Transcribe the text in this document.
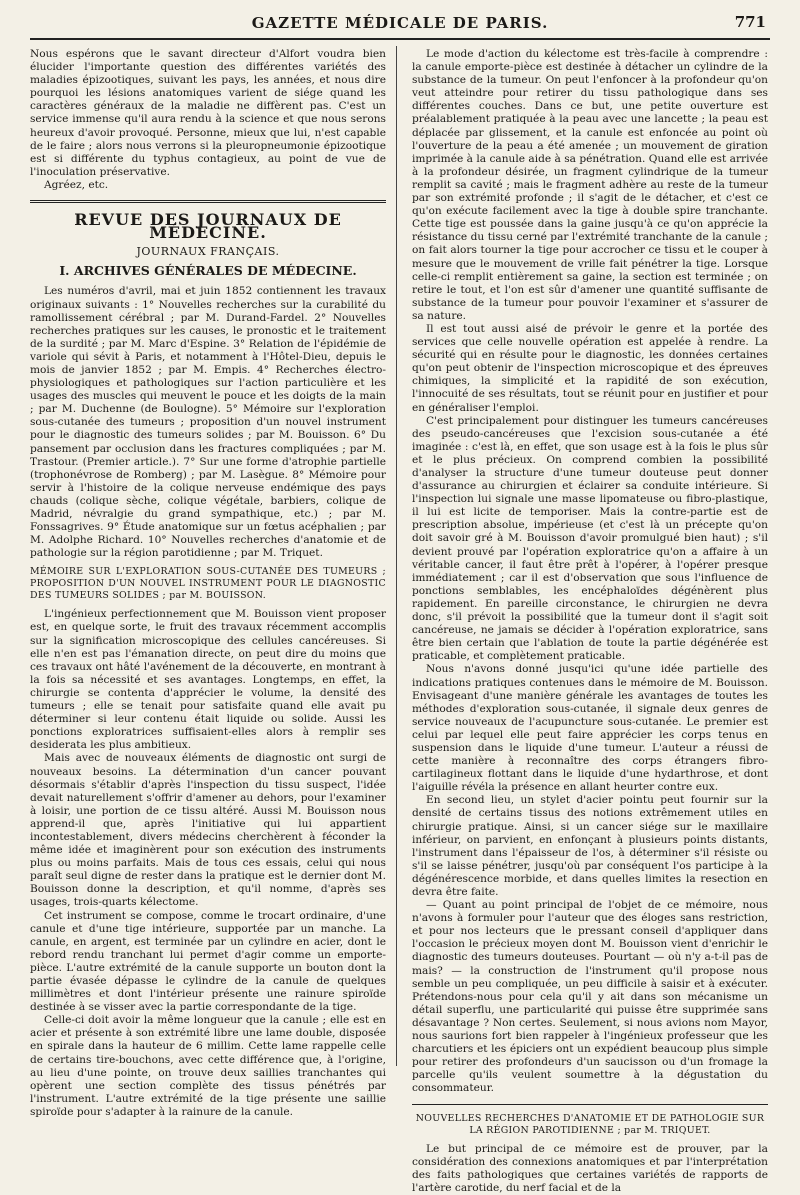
GAZETTE MÉDICALE DE PARIS.	771

Nous espérons que le savant directeur d'Alfort voudra bien élucider l'importante question des différentes variétés des maladies épizootiques, suivant les pays, les années, et nous dire pourquoi les lésions anatomiques varient de siége quand les caractères généraux de la maladie ne diffèrent pas. C'est un service immense qu'il aura rendu à la science et que nous serons heureux d'avoir provoqué. Personne, mieux que lui, n'est capable de le faire ; alors nous verrons si la pleuropneumonie épizootique est si différente du typhus contagieux, au point de vue de l'inoculation préservative.

Agréez, etc.

REVUE DES JOURNAUX DE MÉDECINE.
JOURNAUX FRANÇAIS.
I. ARCHIVES GÉNÉRALES DE MÉDECINE.

Les numéros d'avril, mai et juin 1852 contiennent les travaux originaux suivants : 1° Nouvelles recherches sur la curabilité du ramollissement cérébral ; par M. Durand-Fardel. 2° Nouvelles recherches pratiques sur les causes, le pronostic et le traitement de la surdité ; par M. Marc d'Espine. 3° Relation de l'épidémie de variole qui sévit à Paris, et notamment à l'Hôtel-Dieu, depuis le mois de janvier 1852 ; par M. Empis. 4° Recherches électro-physiologiques et pathologiques sur l'action particulière et les usages des muscles qui meuvent le pouce et les doigts de la main ; par M. Duchenne (de Boulogne). 5° Mémoire sur l'exploration sous-cutanée des tumeurs ; proposition d'un nouvel instrument pour le diagnostic des tumeurs solides ; par M. Bouisson. 6° Du pansement par occlusion dans les fractures compliquées ; par M. Trastour. (Premier article.). 7° Sur une forme d'atrophie partielle (trophonévrose de Romberg) ; par M. Lasègue. 8° Mémoire pour servir à l'histoire de la colique nerveuse endémique des pays chauds (colique sèche, colique végétale, barbiers, colique de Madrid, névralgie du grand sympathique, etc.) ; par M. Fonssagrives. 9° Étude anatomique sur un fœtus acéphalien ; par M. Adolphe Richard. 10° Nouvelles recherches d'anatomie et de pathologie sur la région parotidienne ; par M. Triquet.

MÉMOIRE SUR L'EXPLORATION SOUS-CUTANÉE DES TUMEURS ; PROPOSITION D'UN NOUVEL INSTRUMENT POUR LE DIAGNOSTIC DES TUMEURS SOLIDES ; par M. BOUISSON.

L'ingénieux perfectionnement que M. Bouisson vient proposer est, en quelque sorte, le fruit des travaux récemment accomplis sur la signification microscopique des cellules cancéreuses. Si elle n'en est pas l'émanation directe, on peut dire du moins que ces travaux ont hâté l'avénement de la découverte, en montrant à la fois sa nécessité et ses avantages. Longtemps, en effet, la chirurgie se contenta d'apprécier le volume, la densité des tumeurs ; elle se tenait pour satisfaite quand elle avait pu déterminer si leur contenu était liquide ou solide. Aussi les ponctions exploratrices suffisaient-elles alors à remplir ses desiderata les plus ambitieux.

Mais avec de nouveaux éléments de diagnostic ont surgi de nouveaux besoins. La détermination d'un cancer pouvant désormais s'établir d'après l'inspection du tissu suspect, l'idée devait naturellement s'offrir d'amener au dehors, pour l'examiner à loisir, une portion de ce tissu altéré. Aussi M. Bouisson nous apprend-il que, après l'initiative qui lui appartient incontestablement, divers médecins cherchèrent à féconder la même idée et imaginèrent pour son exécution des instruments plus ou moins parfaits. Mais de tous ces essais, celui qui nous paraît seul digne de rester dans la pratique est le dernier dont M. Bouisson donne la description, et qu'il nomme, d'après ses usages, trois-quarts kélectome.

Cet instrument se compose, comme le trocart ordinaire, d'une canule et d'une tige intérieure, supportée par un manche. La canule, en argent, est terminée par un cylindre en acier, dont le rebord rendu tranchant lui permet d'agir comme un emporte-pièce. L'autre extrémité de la canule supporte un bouton dont la partie évasée dépasse le cylindre de la canule de quelques millimètres et dont l'intérieur présente une rainure spiroïde destinée à se visser avec la partie correspondante de la tige.

Celle-ci doit avoir la même longueur que la canule ; elle est en acier et présente à son extrémité libre une lame double, disposée en spirale dans la hauteur de 6 millim. Cette lame rappelle celle de certains tire-bouchons, avec cette différence que, à l'origine, au lieu d'une pointe, on trouve deux saillies tranchantes qui opèrent une section complète des tissus pénétrés par l'instrument. L'autre extrémité de la tige présente une saillie spiroïde pour s'adapter à la rainure de la canule.

Le mode d'action du kélectome est très-facile à comprendre : la canule emporte-pièce est destinée à détacher un cylindre de la substance de la tumeur. On peut l'enfoncer à la profondeur qu'on veut atteindre pour retirer du tissu pathologique dans ses différentes couches. Dans ce but, une petite ouverture est préalablement pratiquée à la peau avec une lancette ; la peau est déplacée par glissement, et la canule est enfoncée au point où l'ouverture de la peau a été amenée ; un mouvement de giration imprimée à la canule aide à sa pénétration. Quand elle est arrivée à la profondeur désirée, un fragment cylindrique de la tumeur remplit sa cavité ; mais le fragment adhère au reste de la tumeur par son extrémité profonde ; il s'agit de le détacher, et c'est ce qu'on exécute facilement avec la tige à double spire tranchante. Cette tige est poussée dans la gaine jusqu'à ce qu'on apprécie la résistance du tissu cerné par l'extrémité tranchante de la canule ; on fait alors tourner la tige pour accrocher ce tissu et le couper à mesure que le mouvement de vrille fait pénétrer la tige. Lorsque celle-ci remplit entièrement sa gaine, la section est terminée ; on retire le tout, et l'on est sûr d'amener une quantité suffisante de substance de la tumeur pour pouvoir l'examiner et s'assurer de sa nature.

Il est tout aussi aisé de prévoir le genre et la portée des services que celle nouvelle opération est appelée à rendre. La sécurité qui en résulte pour le diagnostic, les données certaines qu'on peut obtenir de l'inspection microscopique et des épreuves chimiques, la simplicité et la rapidité de son exécution, l'innocuité de ses résultats, tout se réunit pour en justifier et pour en généraliser l'emploi.

C'est principalement pour distinguer les tumeurs cancéreuses des pseudo-cancéreuses que l'excision sous-cutanée a été imaginée : c'est là, en effet, que son usage est à la fois le plus sûr et le plus précieux. On comprend combien la possibilité d'analyser la structure d'une tumeur douteuse peut donner d'assurance au chirurgien et éclairer sa conduite intérieure. Si l'inspection lui signale une masse lipomateuse ou fibro-plastique, il lui est licite de temporiser. Mais la contre-partie est de prescription absolue, impérieuse (et c'est là un précepte qu'on doit savoir gré à M. Bouisson d'avoir promulgué bien haut) ; s'il devient prouvé par l'opération exploratrice qu'on a affaire à un véritable cancer, il faut être prêt à l'opérer, à l'opérer presque immédiatement ; car il est d'observation que sous l'influence de ponctions semblables, les encéphaloïdes dégénèrent plus rapidement. En pareille circonstance, le chirurgien ne devra donc, s'il prévoit la possibilité que la tumeur dont il s'agit soit cancéreuse, ne jamais se décider à l'opération exploratrice, sans être bien certain que l'ablation de toute la partie dégénérée est praticable, et complètement praticable.

Nous n'avons donné jusqu'ici qu'une idée partielle des indications pratiques contenues dans le mémoire de M. Bouisson. Envisageant d'une manière générale les avantages de toutes les méthodes d'exploration sous-cutanée, il signale deux genres de service nouveaux de l'acupuncture sous-cutanée. Le premier est celui par lequel elle peut faire apprécier les corps tenus en suspension dans le liquide d'une tumeur. L'auteur a réussi de cette manière à reconnaître des corps étrangers fibro-cartilagineux flottant dans le liquide d'une hydarthrose, et dont l'aiguille révéla la présence en allant heurter contre eux.

En second lieu, un stylet d'acier pointu peut fournir sur la densité de certains tissus des notions extrêmement utiles en chirurgie pratique. Ainsi, si un cancer siége sur le maxillaire inférieur, on parvient, en enfonçant à plusieurs points distants, l'instrument dans l'épaisseur de l'os, à déterminer s'il résiste ou s'il se laisse pénétrer, jusqu'où par conséquent l'os participe à la dégénérescence morbide, et dans quelles limites la resection en devra être faite.

— Quant au point principal de l'objet de ce mémoire, nous n'avons à formuler pour l'auteur que des éloges sans restriction, et pour nos lecteurs que le pressant conseil d'appliquer dans l'occasion le précieux moyen dont M. Bouisson vient d'enrichir le diagnostic des tumeurs douteuses. Pourtant — où n'y a-t-il pas de mais? — la construction de l'instrument qu'il propose nous semble un peu compliquée, un peu difficile à saisir et à exécuter. Prétendons-nous pour cela qu'il y ait dans son mécanisme un détail superflu, une particularité qui puisse être supprimée sans désavantage ? Non certes. Seulement, si nous avions nom Mayor, nous saurions fort bien rappeler à l'ingénieux professeur que les charcutiers et les épiciers ont un expédient beaucoup plus simple pour retirer des profondeurs d'un saucisson ou d'un fromage la parcelle qu'ils veulent soumettre à la dégustation du consommateur.

NOUVELLES RECHERCHES D'ANATOMIE ET DE PATHOLOGIE SUR LA RÉGION PAROTIDIENNE ; par M. TRIQUET.

Le but principal de ce mémoire est de prouver, par la considération des connexions anatomiques et par l'interprétation des faits pathologiques que certaines variétés de rapports de l'artère carotide, du nerf facial et de la
